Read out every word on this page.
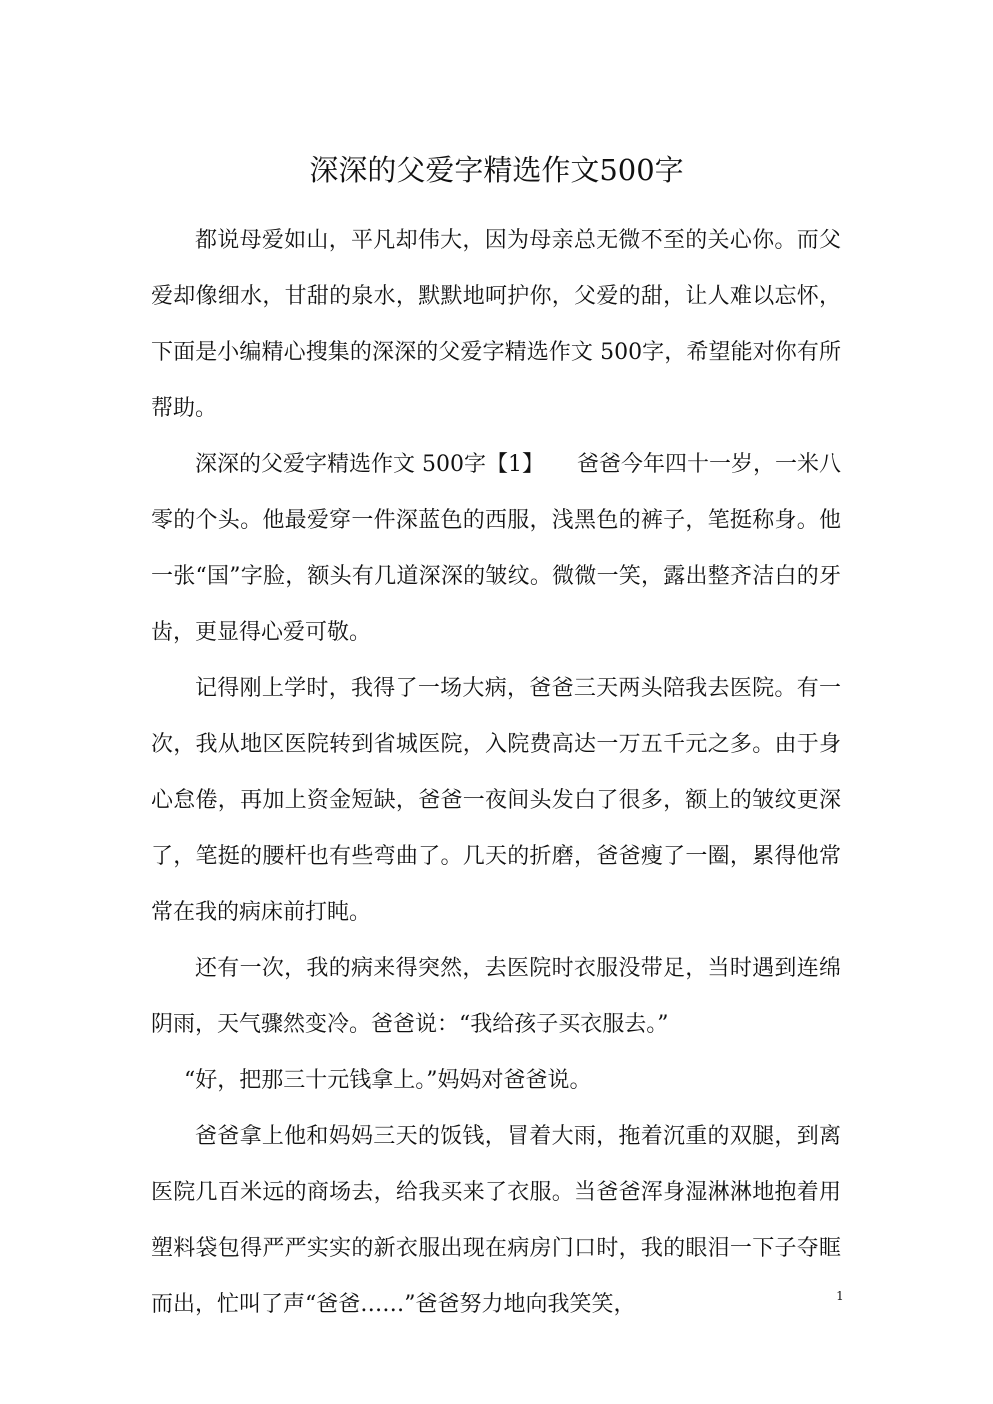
深深的父爱字精选作文500字

都说母爱如山，平凡却伟大，因为母亲总无微不至的关心你。而父爱却像细水，甘甜的泉水，默默地呵护你，父爱的甜，让人难以忘怀，下面是小编精心搜集的深深的父爱字精选作文 500字，希望能对你有所帮助。

深深的父爱字精选作文 500字【1】　　爸爸今年四十一岁，一米八零的个头。他最爱穿一件深蓝色的西服，浅黑色的裤子，笔挺称身。他一张“国”字脸，额头有几道深深的皱纹。微微一笑，露出整齐洁白的牙齿，更显得心爱可敬。

记得刚上学时，我得了一场大病，爸爸三天两头陪我去医院。有一次，我从地区医院转到省城医院，入院费高达一万五千元之多。由于身心怠倦，再加上资金短缺，爸爸一夜间头发白了很多，额上的皱纹更深了，笔挺的腰杆也有些弯曲了。几天的折磨，爸爸瘦了一圈，累得他常常在我的病床前打盹。

还有一次，我的病来得突然，去医院时衣服没带足，当时遇到连绵阴雨，天气骤然变冷。爸爸说：“我给孩子买衣服去。”

“好，把那三十元钱拿上。”妈妈对爸爸说。

爸爸拿上他和妈妈三天的饭钱，冒着大雨，拖着沉重的双腿，到离医院几百米远的商场去，给我买来了衣服。当爸爸浑身湿淋淋地抱着用塑料袋包得严严实实的新衣服出现在病房门口时，我的眼泪一下子夺眶而出，忙叫了声“爸爸……”爸爸努力地向我笑笑，	1
